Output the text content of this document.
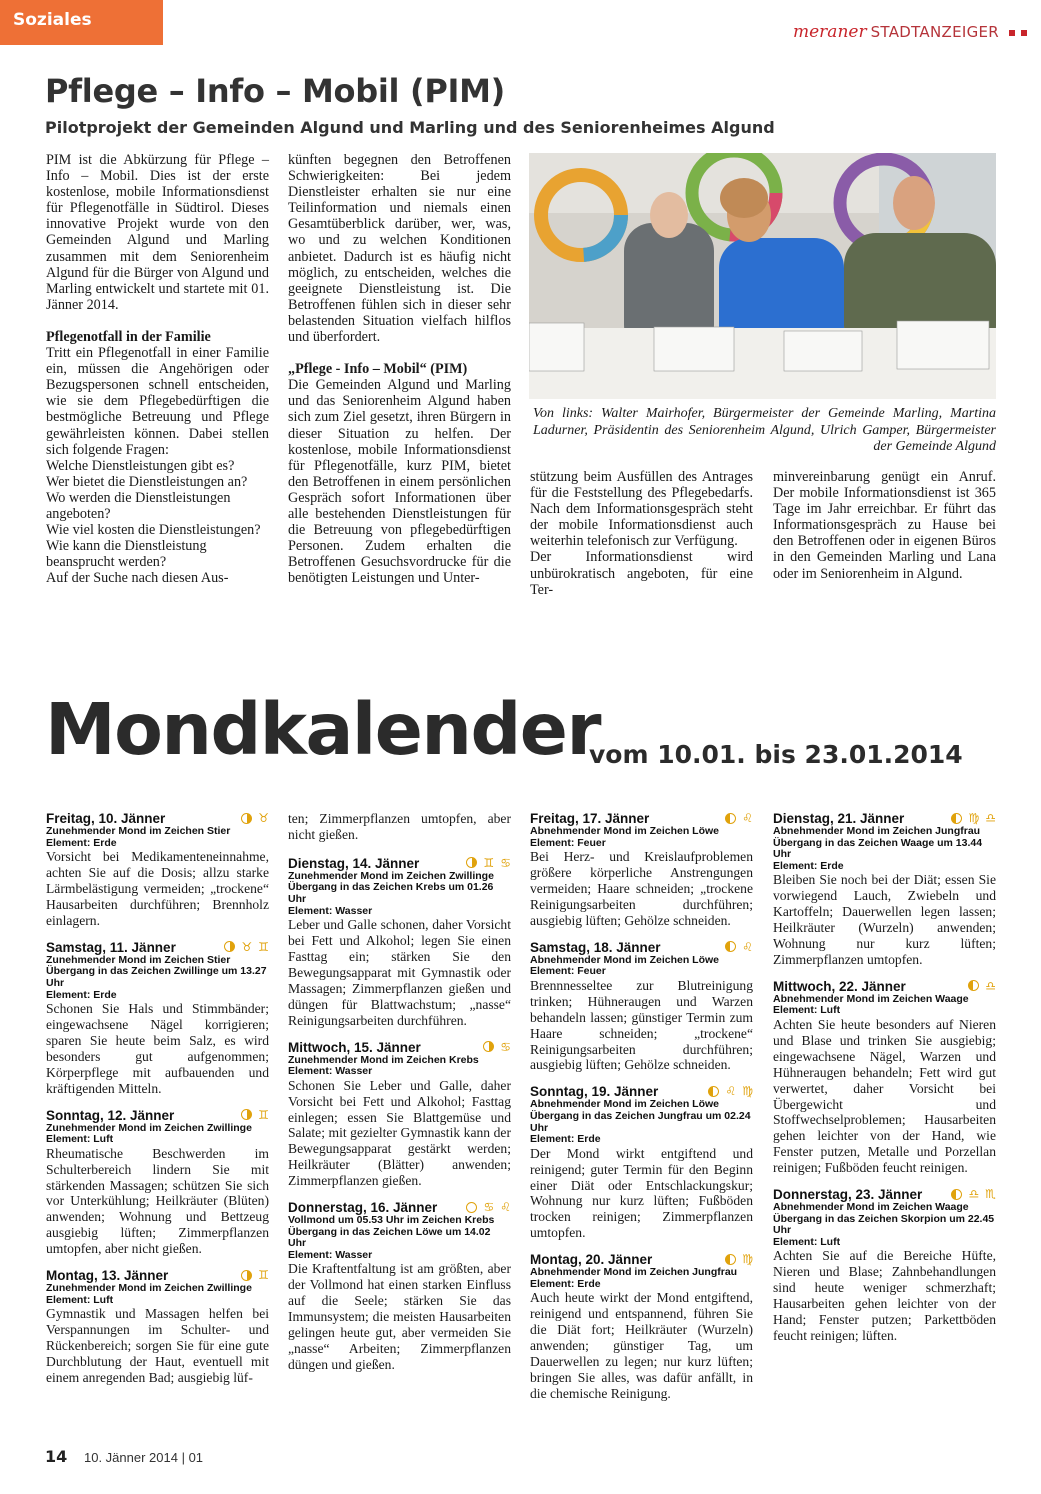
Soziales
meraner STADTANZEIGER
Pflege – Info – Mobil (PIM)
Pilotprojekt der Gemeinden Algund und Marling und des Seniorenheimes Algund

PIM ist die Abkürzung für Pflege – Info – Mobil. Dies ist der erste kostenlose, mobile Informationsdienst für Pflegenotfälle in Südtirol. Dieses innovative Projekt wurde von den Gemeinden Algund und Marling zusammen mit dem Seniorenheim Algund für die Bürger von Algund und Marling entwickelt und startete mit 01. Jänner 2014.

Pflegenotfall in der Familie

Tritt ein Pflegenotfall in einer Familie ein, müssen die Angehörigen oder Bezugspersonen schnell entscheiden, wie sie dem Pflegebedürftigen die bestmögliche Betreuung und Pflege gewährleisten können. Dabei stellen sich folgende Fragen:

Welche Dienstleistungen gibt es?

Wer bietet die Dienstleistungen an?

Wo werden die Dienstleistungen angeboten?

Wie viel kosten die Dienstleistungen?

Wie kann die Dienstleistung beansprucht werden?

Auf der Suche nach diesen Aus-

künften begegnen den Betroffenen Schwierigkeiten: Bei jedem Dienstleister erhalten sie nur eine Teilinformation und niemals einen Gesamtüberblick darüber, wer, was, wo und zu welchen Konditionen anbietet. Dadurch ist es häufig nicht möglich, zu entscheiden, welches die geeignete Dienstleistung ist. Die Betroffenen fühlen sich in dieser sehr belastenden Situation vielfach hilflos und überfordert.

„Pflege - Info – Mobil“ (PIM)

Die Gemeinden Algund und Marling und das Seniorenheim Algund haben sich zum Ziel gesetzt, ihren Bürgern in dieser Situation zu helfen. Der kostenlose, mobile Informationsdienst für Pflegenotfälle, kurz PIM, bietet den Betroffenen in einem persönlichen Gespräch sofort Informationen über alle bestehenden Dienstleistungen für die Betreuung von pflegebedürftigen Personen. Zudem erhalten die Betroffenen Gesuchsvordrucke für die benötigten Leistungen und Unter-

Von links: Walter Mairhofer, Bürgermeister der Gemeinde Marling, Martina Ladurner, Präsidentin des Seniorenheim Algund, Ulrich Gamper, Bürgermeister der Gemeinde Algund

stützung beim Ausfüllen des Antrages für die Feststellung des Pflegebedarfs. Nach dem Informationsgespräch steht der mobile Informationsdienst auch weiterhin telefonisch zur Verfügung.

Der Informationsdienst wird unbürokratisch angeboten, für eine Ter-

minvereinbarung genügt ein Anruf. Der mobile Informationsdienst ist 365 Tage im Jahr erreichbar. Er führt das Informationsgespräch zu Hause bei den Betroffenen oder in eigenen Büros in den Gemeinden Marling und Lana oder im Seniorenheim in Algund.

Mondkalender
vom 10.01. bis 23.01.2014
♉
Freitag, 10. Jänner
Zunehmender Mond im Zeichen Stier
Element: Erde
Vorsicht bei Medikamenteneinnahme, achten Sie auf die Dosis; allzu starke Lärmbelästigung vermeiden; „trockene“ Hausarbeiten durchführen; Brennholz einlagern.
♉ ♊
Samstag, 11. Jänner
Zunehmender Mond im Zeichen Stier
Übergang in das Zeichen Zwillinge um 13.27 Uhr
Element: Erde
Schonen Sie Hals und Stimmbänder; eingewachsene Nägel korrigieren; sparen Sie heute beim Salz, es wird besonders gut aufgenommen; Körperpflege mit aufbauenden und kräftigenden Mitteln.
♊
Sonntag, 12. Jänner
Zunehmender Mond im Zeichen Zwillinge
Element: Luft
Rheumatische Beschwerden im Schulterbereich lindern Sie mit stärkenden Massagen; schützen Sie sich vor Unterkühlung; Heilkräuter (Blüten) anwenden; Wohnung und Bettzeug ausgiebig lüften; Zimmerpflanzen umtopfen, aber nicht gießen.
♊
Montag, 13. Jänner
Zunehmender Mond im Zeichen Zwillinge
Element: Luft
Gymnastik und Massagen helfen bei Verspannungen im Schulter- und Rückenbereich; sorgen Sie für eine gute Durchblutung der Haut, eventuell mit einem anregenden Bad; ausgiebig lüf-
ten; Zimmerpflanzen umtopfen, aber nicht gießen.
♊ ♋
Dienstag, 14. Jänner
Zunehmender Mond im Zeichen Zwillinge
Übergang in das Zeichen Krebs um 01.26 Uhr
Element: Wasser
Leber und Galle schonen, daher Vorsicht bei Fett und Alkohol; legen Sie einen Fasttag ein; stärken Sie den Bewegungsapparat mit Gymnastik oder Massagen; Zimmerpflanzen gießen und düngen für Blattwachstum; „nasse“ Reinigungsarbeiten durchführen.
♋
Mittwoch, 15. Jänner
Zunehmender Mond im Zeichen Krebs
Element: Wasser
Schonen Sie Leber und Galle, daher Vorsicht bei Fett und Alkohol; Fasttag einlegen; essen Sie Blattgemüse und Salate; mit gezielter Gymnastik kann der Bewegungsapparat gestärkt werden; Heilkräuter (Blätter) anwenden; Zimmerpflanzen gießen.
♋ ♌
Donnerstag, 16. Jänner
Vollmond um 05.53 Uhr im Zeichen Krebs
Übergang in das Zeichen Löwe um 14.02 Uhr
Element: Wasser
Die Kraftentfaltung ist am größten, aber der Vollmond hat einen starken Einfluss auf die Seele; stärken Sie das Immunsystem; die meisten Hausarbeiten gelingen heute gut, aber vermeiden Sie „nasse“ Arbeiten; Zimmerpflanzen düngen und gießen.
♌
Freitag, 17. Jänner
Abnehmender Mond im Zeichen Löwe
Element: Feuer
Bei Herz- und Kreislaufproblemen größere körperliche Anstrengungen vermeiden; Haare schneiden; „trockene Reinigungsarbeiten durchführen; ausgiebig lüften; Gehölze schneiden.
♌
Samstag, 18. Jänner
Abnehmender Mond im Zeichen Löwe
Element: Feuer
Brennnesseltee zur Blutreinigung trinken; Hühneraugen und Warzen behandeln lassen; günstiger Termin zum Haare schneiden; „trockene“ Reinigungsarbeiten durchführen; ausgiebig lüften; Gehölze schneiden.
♌ ♍
Sonntag, 19. Jänner
Abnehmender Mond im Zeichen Löwe
Übergang in das Zeichen Jungfrau um 02.24 Uhr
Element: Erde
Der Mond wirkt entgiftend und reinigend; guter Termin für den Beginn einer Diät oder Entschlackungskur; Wohnung nur kurz lüften; Fußböden trocken reinigen; Zimmerpflanzen umtopfen.
♍
Montag, 20. Jänner
Abnehmender Mond im Zeichen Jungfrau
Element: Erde
Auch heute wirkt der Mond entgiftend, reinigend und entspannend, führen Sie die Diät fort; Heilkräuter (Wurzeln) anwenden; günstiger Tag, um Dauerwellen zu legen; nur kurz lüften; bringen Sie alles, was dafür anfällt, in die chemische Reinigung.
♍ ♎
Dienstag, 21. Jänner
Abnehmender Mond im Zeichen Jungfrau
Übergang in das Zeichen Waage um 13.44 Uhr
Element: Erde
Bleiben Sie noch bei der Diät; essen Sie vorwiegend Lauch, Zwiebeln und Kartoffeln; Dauerwellen legen lassen; Heilkräuter (Wurzeln) anwenden; Wohnung nur kurz lüften; Zimmerpflanzen umtopfen.
♎
Mittwoch, 22. Jänner
Abnehmender Mond im Zeichen Waage
Element: Luft
Achten Sie heute besonders auf Nieren und Blase und trinken Sie ausgiebig; eingewachsene Nägel, Warzen und Hühneraugen behandeln; Fett wird gut verwertet, daher Vorsicht bei Übergewicht und Stoffwechselproblemen; Hausarbeiten gehen leichter von der Hand, wie Fenster putzen, Metalle und Porzellan reinigen; Fußböden feucht reinigen.
♎ ♏
Donnerstag, 23. Jänner
Abnehmender Mond im Zeichen Waage
Übergang in das Zeichen Skorpion um 22.45 Uhr
Element: Luft
Achten Sie auf die Bereiche Hüfte, Nieren und Blase; Zahnbehandlungen sind heute weniger schmerzhaft; Hausarbeiten gehen leichter von der Hand; Fenster putzen; Parkettböden feucht reinigen; lüften.
14 10. Jänner 2014 | 01
